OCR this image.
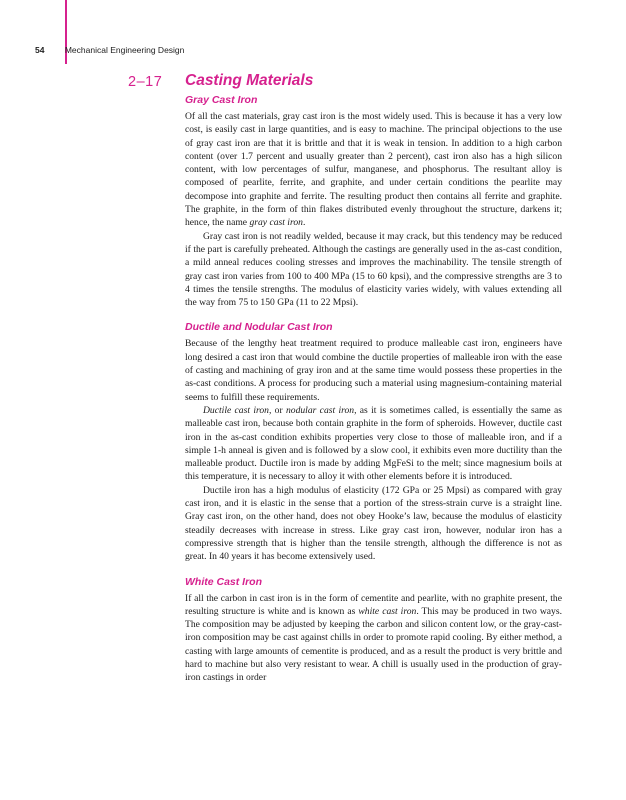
54 Mechanical Engineering Design
2–17 Casting Materials
Gray Cast Iron

Of all the cast materials, gray cast iron is the most widely used. This is because it has a very low cost, is easily cast in large quantities, and is easy to machine. The principal objections to the use of gray cast iron are that it is brittle and that it is weak in tension. In addition to a high carbon content (over 1.7 percent and usually greater than 2 percent), cast iron also has a high silicon content, with low percentages of sulfur, manganese, and phosphorus. The resultant alloy is composed of pearlite, ferrite, and graphite, and under certain conditions the pearlite may decompose into graphite and ferrite. The resulting product then contains all ferrite and graphite. The graphite, in the form of thin flakes distributed evenly throughout the structure, darkens it; hence, the name gray cast iron.

Gray cast iron is not readily welded, because it may crack, but this tendency may be reduced if the part is carefully preheated. Although the castings are generally used in the as-cast condition, a mild anneal reduces cooling stresses and improves the machinability. The tensile strength of gray cast iron varies from 100 to 400 MPa (15 to 60 kpsi), and the compressive strengths are 3 to 4 times the tensile strengths. The modulus of elasticity varies widely, with values extending all the way from 75 to 150 GPa (11 to 22 Mpsi).

Ductile and Nodular Cast Iron

Because of the lengthy heat treatment required to produce malleable cast iron, engineers have long desired a cast iron that would combine the ductile properties of malleable iron with the ease of casting and machining of gray iron and at the same time would possess these properties in the as-cast conditions. A process for producing such a material using magnesium-containing material seems to fulfill these requirements.

Ductile cast iron, or nodular cast iron, as it is sometimes called, is essentially the same as malleable cast iron, because both contain graphite in the form of spheroids. However, ductile cast iron in the as-cast condition exhibits properties very close to those of malleable iron, and if a simple 1-h anneal is given and is followed by a slow cool, it exhibits even more ductility than the malleable product. Ductile iron is made by adding MgFeSi to the melt; since magnesium boils at this temperature, it is necessary to alloy it with other elements before it is introduced.

Ductile iron has a high modulus of elasticity (172 GPa or 25 Mpsi) as compared with gray cast iron, and it is elastic in the sense that a portion of the stress-strain curve is a straight line. Gray cast iron, on the other hand, does not obey Hooke’s law, because the modulus of elasticity steadily decreases with increase in stress. Like gray cast iron, however, nodular iron has a compressive strength that is higher than the tensile strength, although the difference is not as great. In 40 years it has become extensively used.

White Cast Iron

If all the carbon in cast iron is in the form of cementite and pearlite, with no graphite present, the resulting structure is white and is known as white cast iron. This may be produced in two ways. The composition may be adjusted by keeping the carbon and silicon content low, or the gray-cast-iron composition may be cast against chills in order to promote rapid cooling. By either method, a casting with large amounts of cementite is produced, and as a result the product is very brittle and hard to machine but also very resistant to wear. A chill is usually used in the production of gray-iron castings in order
